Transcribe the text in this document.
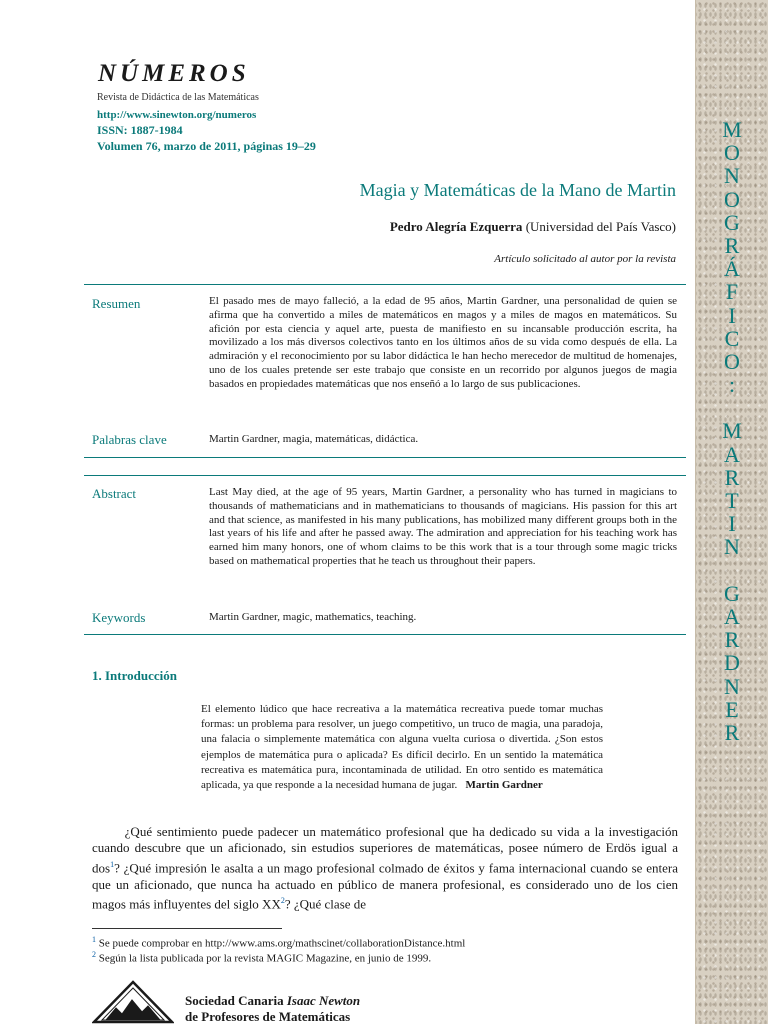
M
O
N
O
G
R
Á
F
I
C
O
:

M
A
R
T
I
N

G
A
R
D
N
E
R
NÚMEROS
Revista de Didáctica de las Matemáticas
http://www.sinewton.org/numeros
ISSN: 1887-1984
Volumen 76, marzo de 2011, páginas 19–29
Magia y Matemáticas de la Mano de Martin
Pedro Alegría Ezquerra (Universidad del País Vasco)
Artículo solicitado al autor por la revista
Resumen	El pasado mes de mayo falleció, a la edad de 95 años, Martin Gardner, una personalidad de quien se afirma que ha convertido a miles de matemáticos en magos y a miles de magos en matemáticos. Su afición por esta ciencia y aquel arte, puesta de manifiesto en su incansable producción escrita, ha movilizado a los más diversos colectivos tanto en los últimos años de su vida como después de ella. La admiración y el reconocimiento por su labor didáctica le han hecho merecedor de multitud de homenajes, uno de los cuales pretende ser este trabajo que consiste en un recorrido por algunos juegos de magia basados en propiedades matemáticas que nos enseñó a lo largo de sus publicaciones.
Palabras clave	Martin Gardner, magia, matemáticas, didáctica.
Abstract	Last May died, at the age of 95 years, Martin Gardner, a personality who has turned in magicians to thousands of mathematicians and in mathematicians to thousands of magicians. His passion for this art and that science, as manifested in his many publications, has mobilized many different groups both in the last years of his life and after he passed away. The admiration and appreciation for his teaching work has earned him many honors, one of whom claims to be this work that is a tour through some magic tricks based on mathematical properties that he teach us throughout their papers.
Keywords	Martin Gardner, magic, mathematics, teaching.
1. Introducción
El elemento lúdico que hace recreativa a la matemática recreativa puede tomar muchas formas: un problema para resolver, un juego competitivo, un truco de magia, una paradoja, una falacia o simplemente matemática con alguna vuelta curiosa o divertida. ¿Son estos ejemplos de matemática pura o aplicada? Es difícil decirlo. En un sentido la matemática recreativa es matemática pura, incontaminada de utilidad. En otro sentido es matemática aplicada, ya que responde a la necesidad humana de jugar. Martin Gardner
¿Qué sentimiento puede padecer un matemático profesional que ha dedicado su vida a la investigación cuando descubre que un aficionado, sin estudios superiores de matemáticas, posee número de Erdös igual a dos$^1$? ¿Qué impresión le asalta a un mago profesional colmado de éxitos y fama internacional cuando se entera que un aficionado, que nunca ha actuado en público de manera profesional, es considerado uno de los cien magos más influyentes del siglo $XX^2$? ¿Qué clase de
$^1$ Se puede comprobar en http://www.ams.org/mathscinet/collaborationDistance.html
$^2$ Según la lista publicada por la revista MAGIC Magazine, en junio de 1999.
Sociedad Canaria Isaac Newton
de Profesores de Matemáticas
